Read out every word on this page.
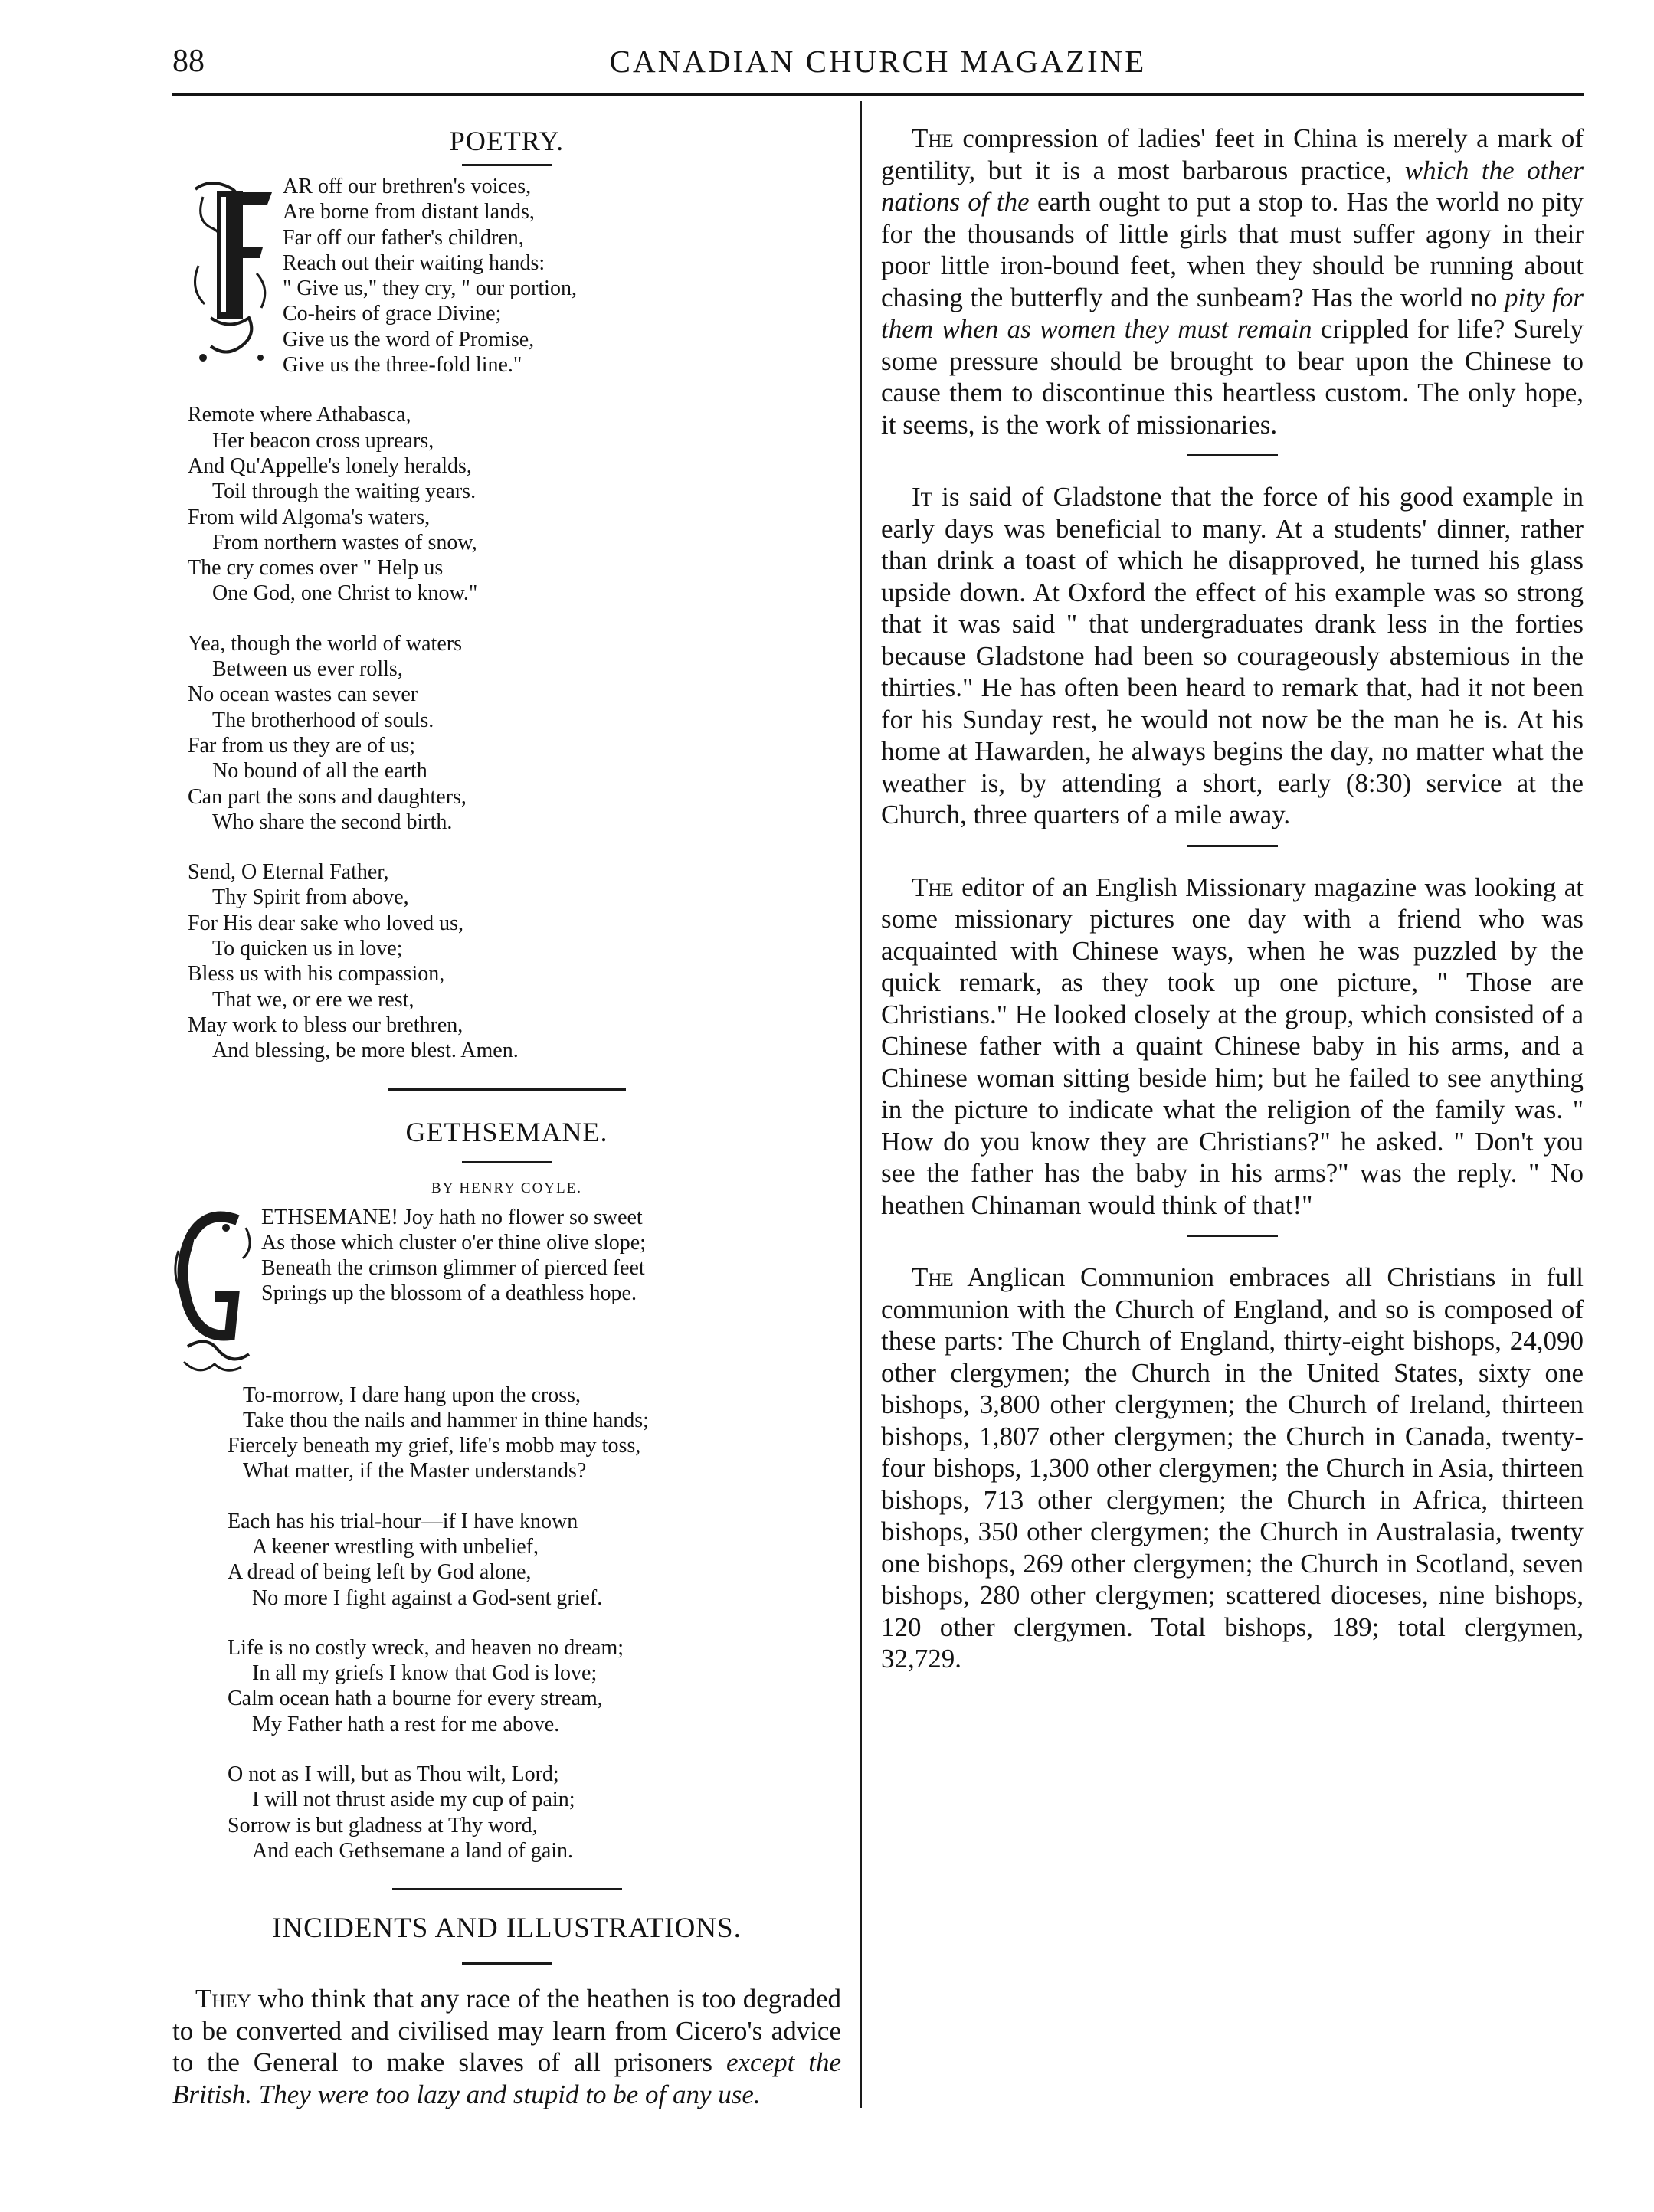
88	CANADIAN CHURCH MAGAZINE
POETRY.
AR off our brethren's voices,
Are borne from distant lands,
Far off our father's children,
Reach out their waiting hands:
" Give us," they cry, " our portion,
Co-heirs of grace Divine;
Give us the word of Promise,
Give us the three-fold line."
Remote where Athabasca,
Her beacon cross uprears,
And Qu'Appelle's lonely heralds,
Toil through the waiting years.
From wild Algoma's waters,
From northern wastes of snow,
The cry comes over " Help us
One God, one Christ to know."
Yea, though the world of waters
Between us ever rolls,
No ocean wastes can sever
The brotherhood of souls.
Far from us they are of us;
No bound of all the earth
Can part the sons and daughters,
Who share the second birth.
Send, O Eternal Father,
Thy Spirit from above,
For His dear sake who loved us,
To quicken us in love;
Bless us with his compassion,
That we, or ere we rest,
May work to bless our brethren,
And blessing, be more blest. Amen.
GETHSEMANE.
BY HENRY COYLE.
ETHSEMANE! Joy hath no flower so sweet
As those which cluster o'er thine olive slope;
Beneath the crimson glimmer of pierced feet
Springs up the blossom of a deathless hope.
To-morrow, I dare hang upon the cross,
Take thou the nails and hammer in thine hands;
Fiercely beneath my grief, life's mobb may toss,
What matter, if the Master understands?
Each has his trial-hour—if I have known
A keener wrestling with unbelief,
A dread of being left by God alone,
No more I fight against a God-sent grief.
Life is no costly wreck, and heaven no dream;
In all my griefs I know that God is love;
Calm ocean hath a bourne for every stream,
My Father hath a rest for me above.
O not as I will, but as Thou wilt, Lord;
I will not thrust aside my cup of pain;
Sorrow is but gladness at Thy word,
And each Gethsemane a land of gain.
INCIDENTS AND ILLUSTRATIONS.

They who think that any race of the heathen is too degraded to be converted and civilised may learn from Cicero's advice to the General to make slaves of all prisoners except the British. They were too lazy and stupid to be of any use.

The compression of ladies' feet in China is merely a mark of gentility, but it is a most barbarous practice, which the other nations of the earth ought to put a stop to. Has the world no pity for the thousands of little girls that must suffer agony in their poor little iron-bound feet, when they should be running about chasing the butterfly and the sunbeam? Has the world no pity for them when as women they must remain crippled for life? Surely some pressure should be brought to bear upon the Chinese to cause them to discontinue this heartless custom. The only hope, it seems, is the work of missionaries.

It is said of Gladstone that the force of his good example in early days was beneficial to many. At a students' dinner, rather than drink a toast of which he disapproved, he turned his glass upside down. At Oxford the effect of his example was so strong that it was said " that undergraduates drank less in the forties because Gladstone had been so courageously abstemious in the thirties." He has often been heard to remark that, had it not been for his Sunday rest, he would not now be the man he is. At his home at Hawarden, he always begins the day, no matter what the weather is, by attending a short, early (8:30) service at the Church, three quarters of a mile away.

The editor of an English Missionary magazine was looking at some missionary pictures one day with a friend who was acquainted with Chinese ways, when he was puzzled by the quick remark, as they took up one picture, " Those are Christians." He looked closely at the group, which consisted of a Chinese father with a quaint Chinese baby in his arms, and a Chinese woman sitting beside him; but he failed to see anything in the picture to indicate what the religion of the family was. " How do you know they are Christians?" he asked. " Don't you see the father has the baby in his arms?" was the reply. " No heathen Chinaman would think of that!"

The Anglican Communion embraces all Christians in full communion with the Church of England, and so is composed of these parts: The Church of England, thirty-eight bishops, 24,090 other clergymen; the Church in the United States, sixty one bishops, 3,800 other clergymen; the Church of Ireland, thirteen bishops, 1,807 other clergymen; the Church in Canada, twenty-four bishops, 1,300 other clergymen; the Church in Asia, thirteen bishops, 713 other clergymen; the Church in Africa, thirteen bishops, 350 other clergymen; the Church in Australasia, twenty one bishops, 269 other clergymen; the Church in Scotland, seven bishops, 280 other clergymen; scattered dioceses, nine bishops, 120 other clergymen. Total bishops, 189; total clergymen, 32,729.
